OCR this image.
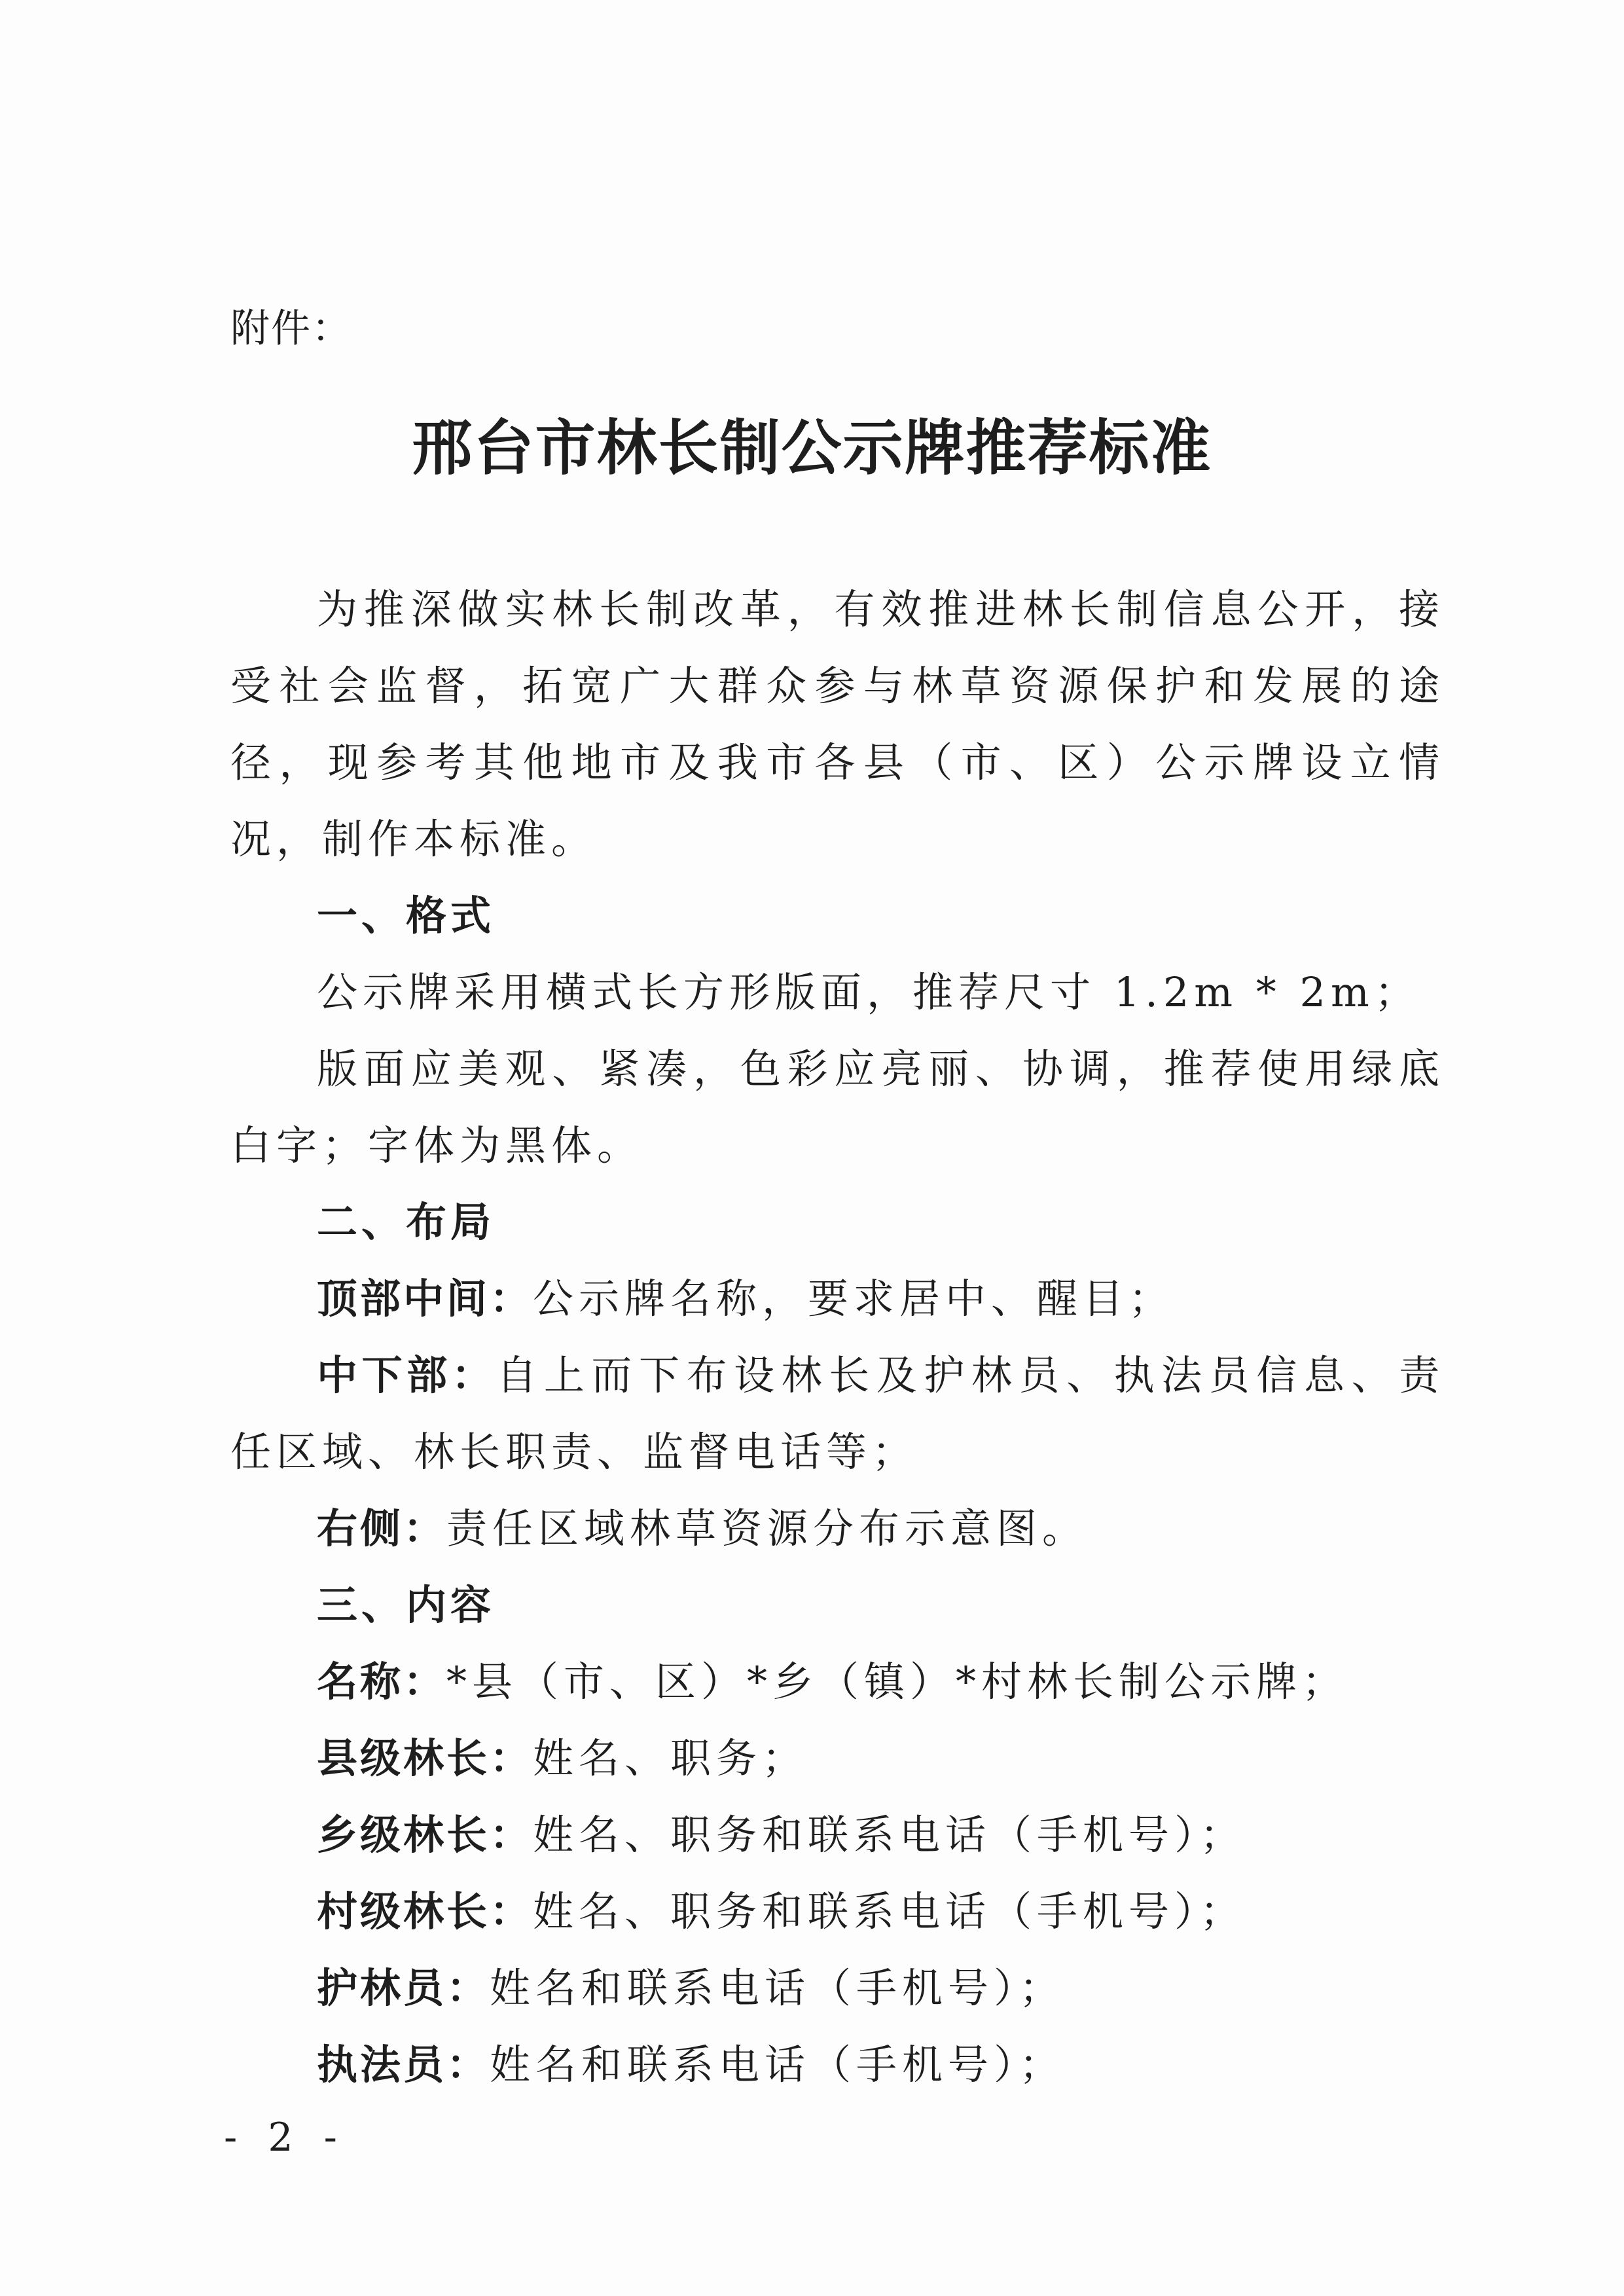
附件：
邢台市林长制公示牌推荐标准

为推深做实林长制改革，有效推进林长制信息公开，接受社会监督，拓宽广大群众参与林草资源保护和发展的途径，现参考其他地市及我市各县（市、区）公示牌设立情况，制作本标准。

一、格式

公示牌采用横式长方形版面，推荐尺寸 1.2m * 2m；

版面应美观、紧凑，色彩应亮丽、协调，推荐使用绿底白字；字体为黑体。

二、布局

顶部中间：公示牌名称，要求居中、醒目；

中下部：自上而下布设林长及护林员、执法员信息、责任区域、林长职责、监督电话等；

右侧：责任区域林草资源分布示意图。

三、内容

名称：*县（市、区）*乡（镇）*村林长制公示牌；

县级林长：姓名、职务；

乡级林长：姓名、职务和联系电话（手机号）；

村级林长：姓名、职务和联系电话（手机号）；

护林员：姓名和联系电话（手机号）；

执法员：姓名和联系电话（手机号）；

- 2 -
